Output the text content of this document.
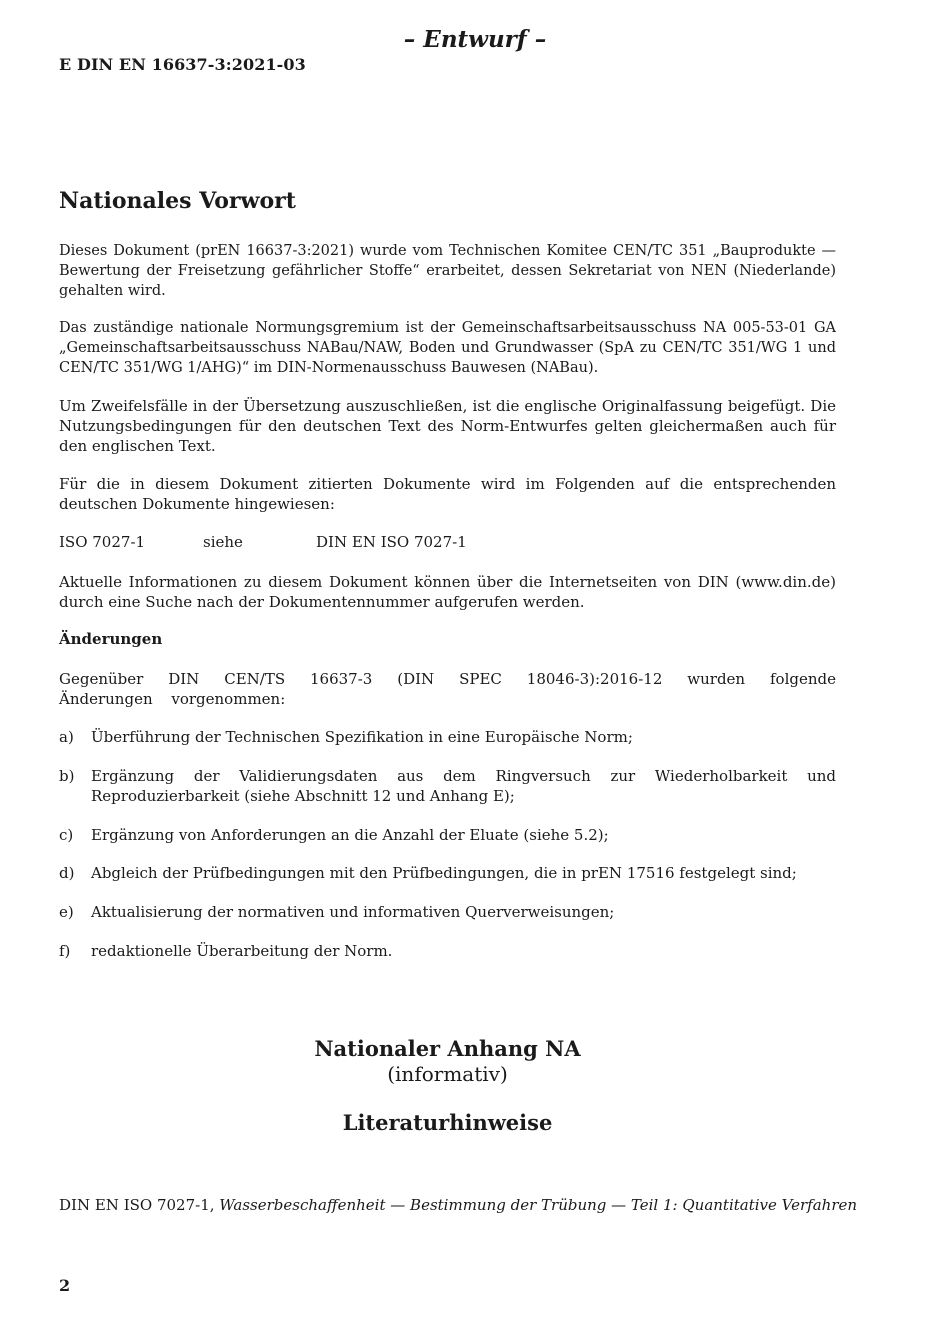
– Entwurf –
E DIN EN 16637-3:2021-03
Nationales Vorwort
Dieses Dokument (prEN 16637-3:2021) wurde vom Technischen Komitee CEN/TC 351 „Bauprodukte — Bewertung der Freisetzung gefährlicher Stoffe“ erarbeitet, dessen Sekretariat von NEN (Niederlande) gehalten wird.
Das zuständige nationale Normungsgremium ist der Gemeinschaftsarbeitsausschuss NA 005-53-01 GA „Gemeinschaftsarbeitsausschuss NABau/NAW, Boden und Grundwasser (SpA zu CEN/TC 351/WG 1 und CEN/TC 351/WG 1/AHG)“ im DIN-Normenausschuss Bauwesen (NABau).
Um Zweifelsfälle in der Übersetzung auszuschließen, ist die englische Originalfassung beigefügt. Die Nutzungsbedingungen für den deutschen Text des Norm-Entwurfes gelten gleichermaßen auch für den englischen Text.
Für die in diesem Dokument zitierten Dokumente wird im Folgenden auf die entsprechenden deutschen Dokumente hingewiesen:
ISO 7027-1	siehe	DIN EN ISO 7027-1
Aktuelle Informationen zu diesem Dokument können über die Internetseiten von DIN (www.din.de) durch eine Suche nach der Dokumentennummer aufgerufen werden.
Änderungen
Gegenüber DIN CEN/TS 16637-3 (DIN SPEC 18046-3):2016-12 wurden folgende Änderungen vorgenommen:
a) Überführung der Technischen Spezifikation in eine Europäische Norm;
b) Ergänzung der Validierungsdaten aus dem Ringversuch zur Wiederholbarkeit und Reproduzierbarkeit (siehe Abschnitt 12 und Anhang E);
c) Ergänzung von Anforderungen an die Anzahl der Eluate (siehe 5.2);
d) Abgleich der Prüfbedingungen mit den Prüfbedingungen, die in prEN 17516 festgelegt sind;
e) Aktualisierung der normativen und informativen Querverweisungen;
f) redaktionelle Überarbeitung der Norm.
Nationaler Anhang NA
(informativ)
Literaturhinweise
DIN EN ISO 7027-1, Wasserbeschaffenheit — Bestimmung der Trübung — Teil 1: Quantitative Verfahren
2
